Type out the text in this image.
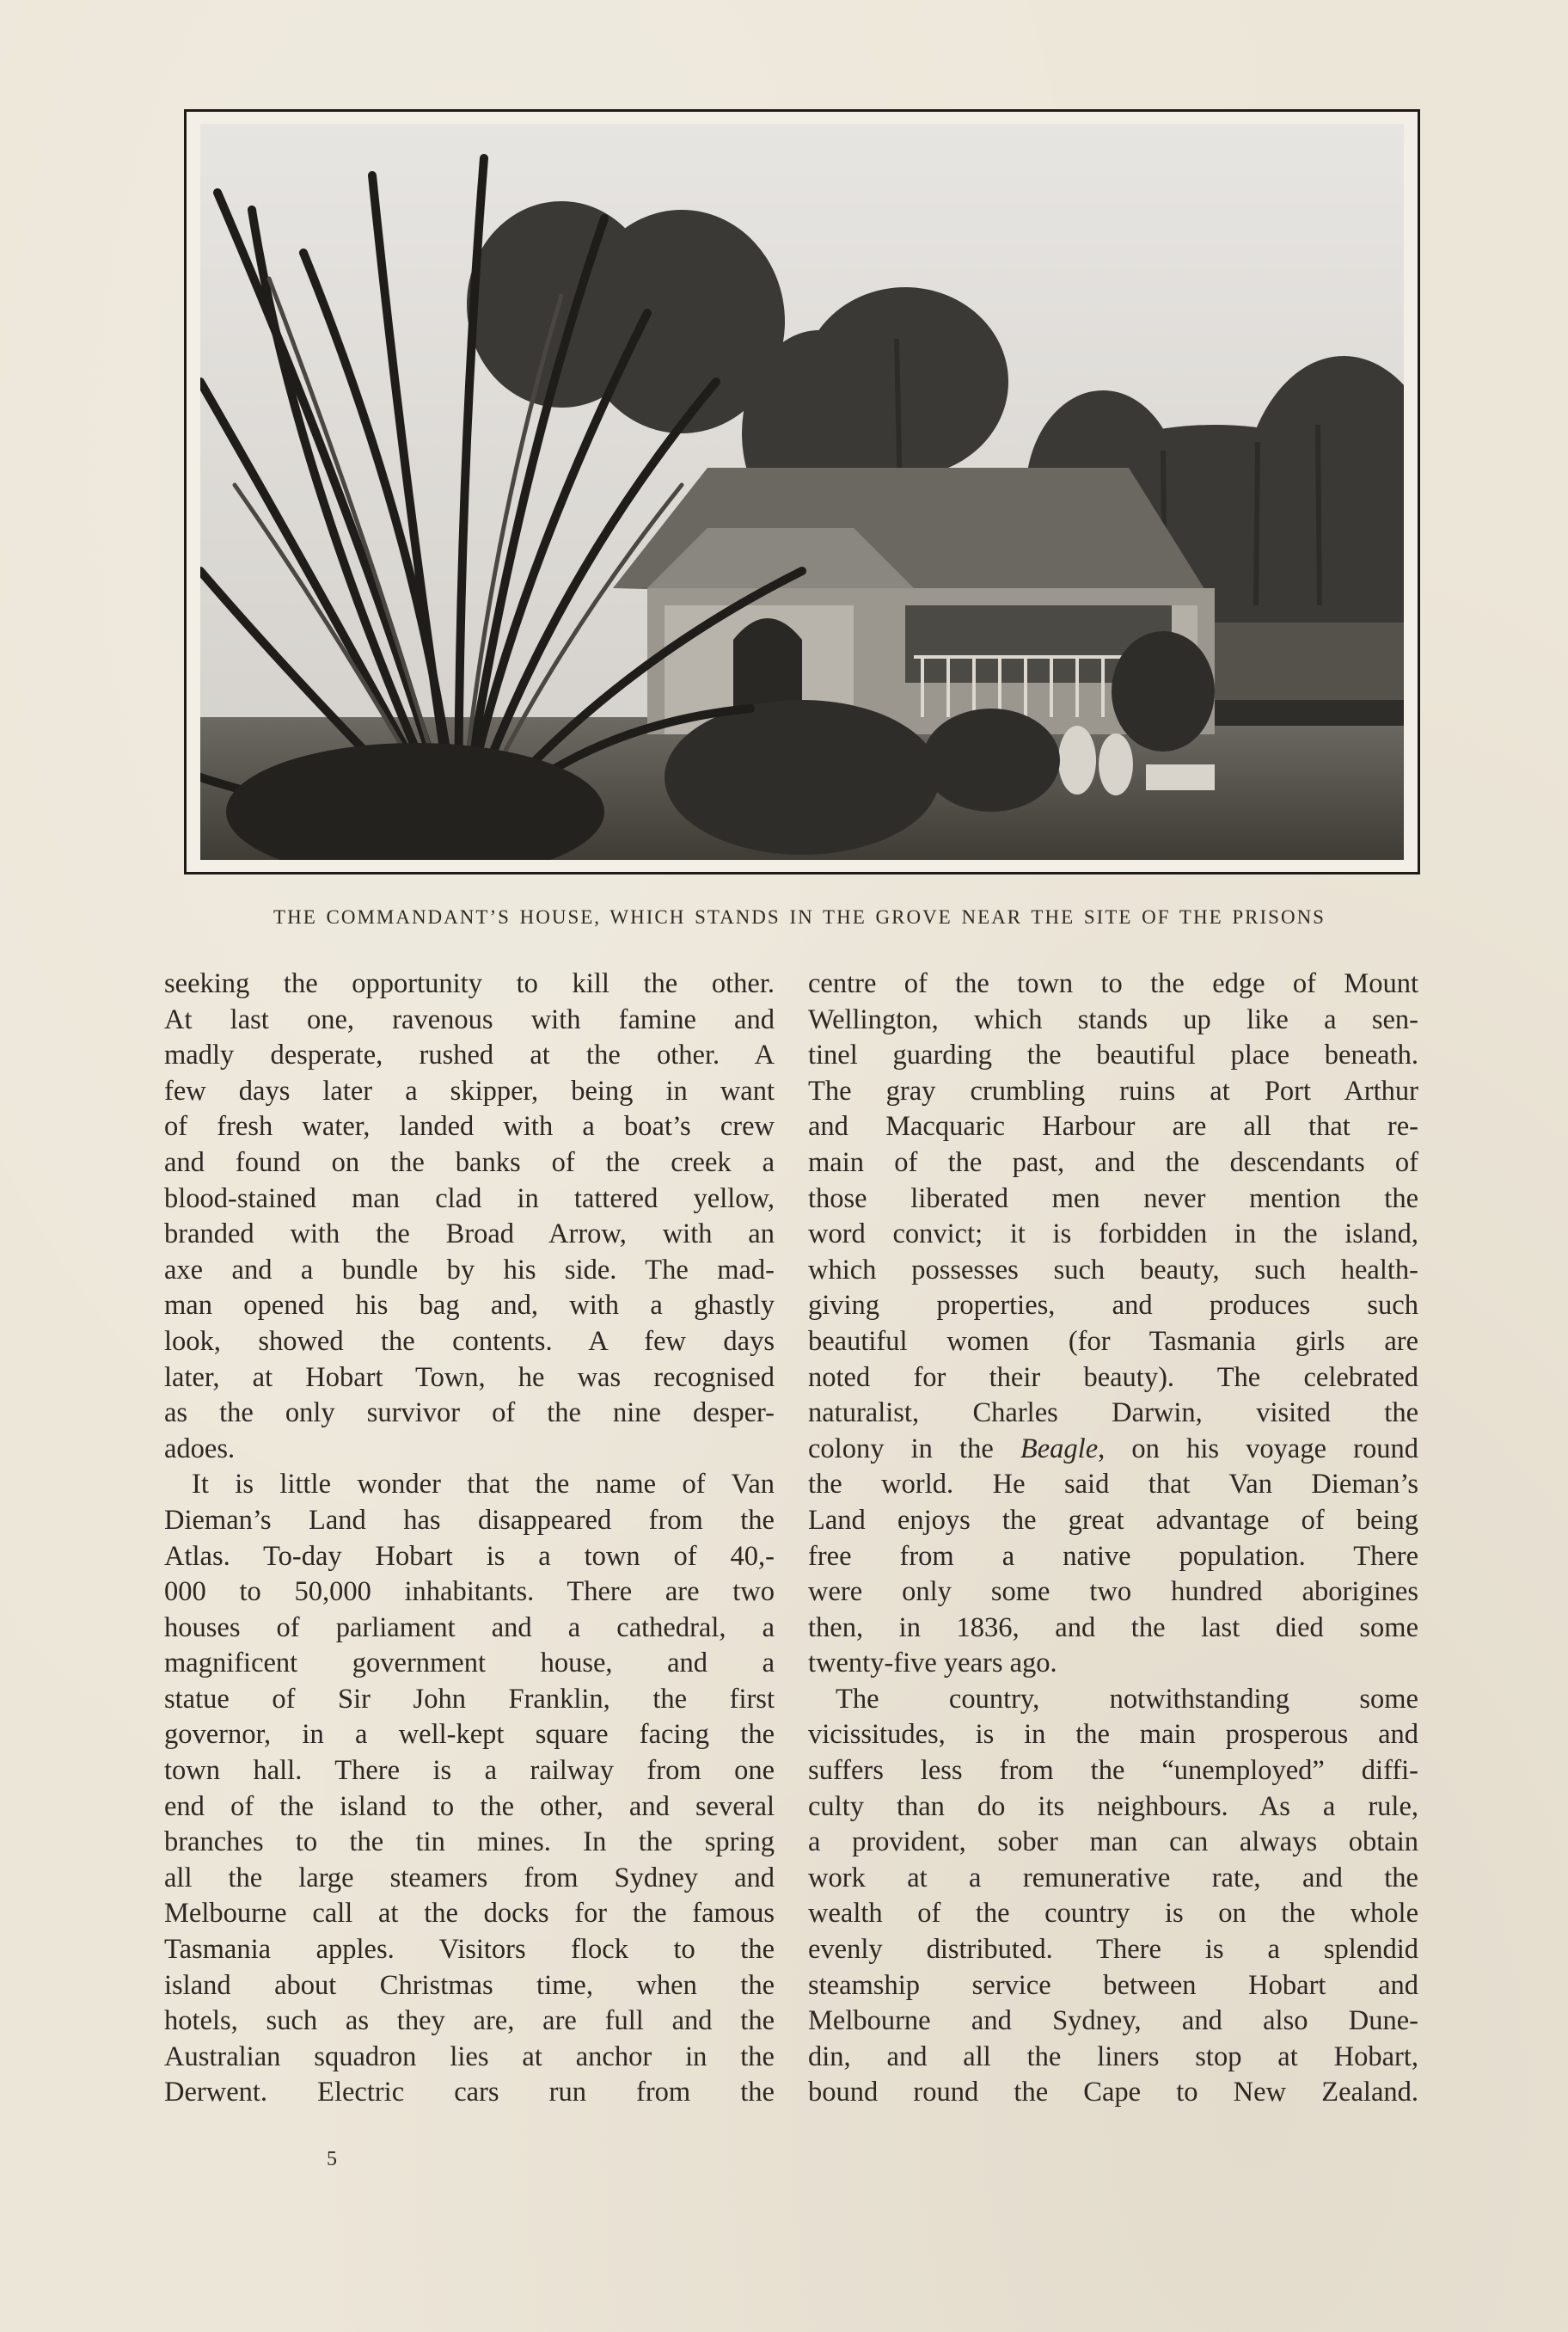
THE COMMANDANT’S HOUSE, WHICH STANDS IN THE GROVE NEAR THE SITE OF THE PRISONS
seeking the opportunity to kill the other.
At last one, ravenous with famine and
madly desperate, rushed at the other. A
few days later a skipper, being in want
of fresh water, landed with a boat’s crew
and found on the banks of the creek a
blood-stained man clad in tattered yellow,
branded with the Broad Arrow, with an
axe and a bundle by his side. The mad-
man opened his bag and, with a ghastly
look, showed the contents. A few days
later, at Hobart Town, he was recognised
as the only survivor of the nine desper-
adoes.
It is little wonder that the name of Van
Dieman’s Land has disappeared from the
Atlas. To-day Hobart is a town of 40,-
000 to 50,000 inhabitants. There are two
houses of parliament and a cathedral, a
magnificent government house, and a
statue of Sir John Franklin, the first
governor, in a well-kept square facing the
town hall. There is a railway from one
end of the island to the other, and several
branches to the tin mines. In the spring
all the large steamers from Sydney and
Melbourne call at the docks for the famous
Tasmania apples. Visitors flock to the
island about Christmas time, when the
hotels, such as they are, are full and the
Australian squadron lies at anchor in the
Derwent. Electric cars run from the
centre of the town to the edge of Mount
Wellington, which stands up like a sen-
tinel guarding the beautiful place beneath.
The gray crumbling ruins at Port Arthur
and Macquaric Harbour are all that re-
main of the past, and the descendants of
those liberated men never mention the
word convict; it is forbidden in the island,
which possesses such beauty, such health-
giving properties, and produces such
beautiful women (for Tasmania girls are
noted for their beauty). The celebrated
naturalist, Charles Darwin, visited the
colony in the Beagle, on his voyage round
the world. He said that Van Dieman’s
Land enjoys the great advantage of being
free from a native population. There
were only some two hundred aborigines
then, in 1836, and the last died some
twenty-five years ago.
The country, notwithstanding some
vicissitudes, is in the main prosperous and
suffers less from the “unemployed” diffi-
culty than do its neighbours. As a rule,
a provident, sober man can always obtain
work at a remunerative rate, and the
wealth of the country is on the whole
evenly distributed. There is a splendid
steamship service between Hobart and
Melbourne and Sydney, and also Dune-
din, and all the liners stop at Hobart,
bound round the Cape to New Zealand.
5
